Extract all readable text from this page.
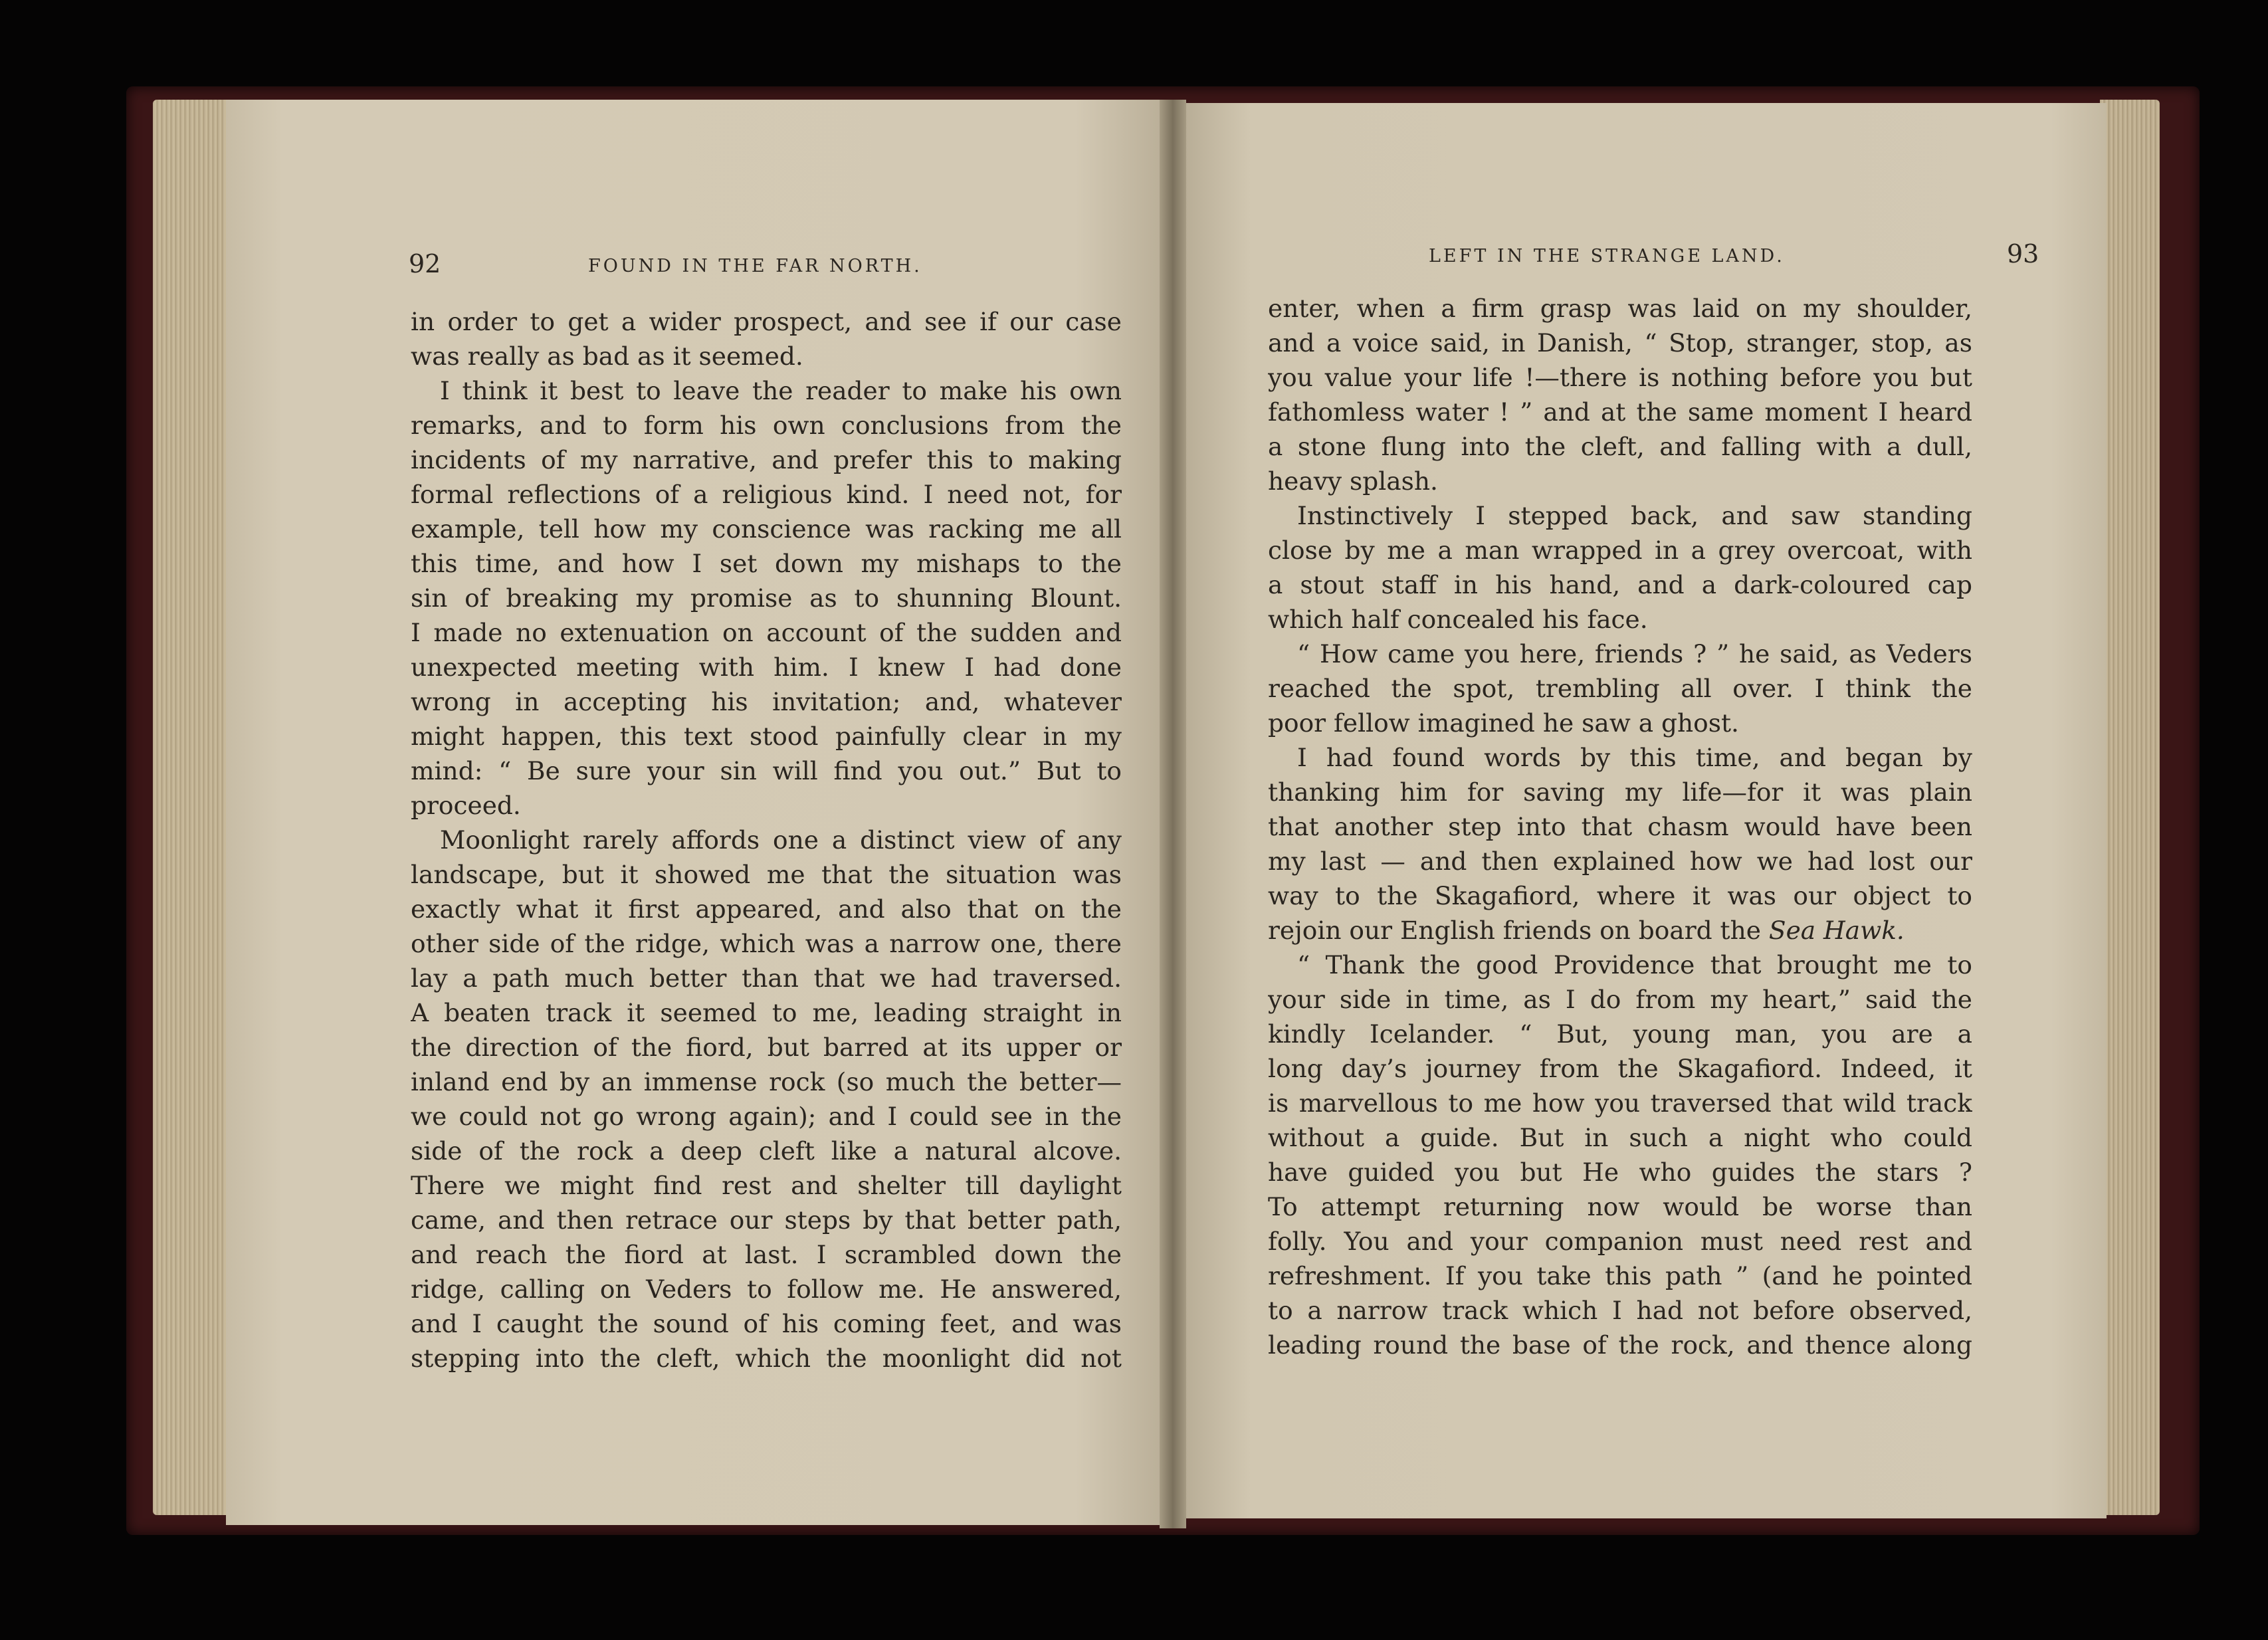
92	FOUND IN THE FAR NORTH.
in order to get a wider prospect, and see if our case
was really as bad as it seemed.
I think it best to leave the reader to make his own
remarks, and to form his own conclusions from the
incidents of my narrative, and prefer this to making
formal reflections of a religious kind. I need not, for
example, tell how my conscience was racking me all
this time, and how I set down my mishaps to the
sin of breaking my promise as to shunning Blount.
I made no extenuation on account of the sudden and
unexpected meeting with him. I knew I had done
wrong in accepting his invitation; and, whatever
might happen, this text stood painfully clear in my
mind: “ Be sure your sin will find you out.” But to
proceed.
Moonlight rarely affords one a distinct view of any
landscape, but it showed me that the situation was
exactly what it first appeared, and also that on the
other side of the ridge, which was a narrow one, there
lay a path much better than that we had traversed.
A beaten track it seemed to me, leading straight in
the direction of the fiord, but barred at its upper or
inland end by an immense rock (so much the better—
we could not go wrong again); and I could see in the
side of the rock a deep cleft like a natural alcove.
There we might find rest and shelter till daylight
came, and then retrace our steps by that better path,
and reach the fiord at last. I scrambled down the
ridge, calling on Veders to follow me. He answered,
and I caught the sound of his coming feet, and was
stepping into the cleft, which the moonlight did not
LEFT IN THE STRANGE LAND.	93
enter, when a firm grasp was laid on my shoulder,
and a voice said, in Danish, “ Stop, stranger, stop, as
you value your life !—there is nothing before you but
fathomless water ! ” and at the same moment I heard
a stone flung into the cleft, and falling with a dull,
heavy splash.
Instinctively I stepped back, and saw standing
close by me a man wrapped in a grey overcoat, with
a stout staff in his hand, and a dark-coloured cap
which half concealed his face.
“ How came you here, friends ? ” he said, as Veders
reached the spot, trembling all over. I think the
poor fellow imagined he saw a ghost.
I had found words by this time, and began by
thanking him for saving my life—for it was plain
that another step into that chasm would have been
my last — and then explained how we had lost our
way to the Skagafiord, where it was our object to
rejoin our English friends on board the Sea Hawk.
“ Thank the good Providence that brought me to
your side in time, as I do from my heart,” said the
kindly Icelander. “ But, young man, you are a
long day’s journey from the Skagafiord. Indeed, it
is marvellous to me how you traversed that wild track
without a guide. But in such a night who could
have guided you but He who guides the stars ?
To attempt returning now would be worse than
folly. You and your companion must need rest and
refreshment. If you take this path ” (and he pointed
to a narrow track which I had not before observed,
leading round the base of the rock, and thence along
